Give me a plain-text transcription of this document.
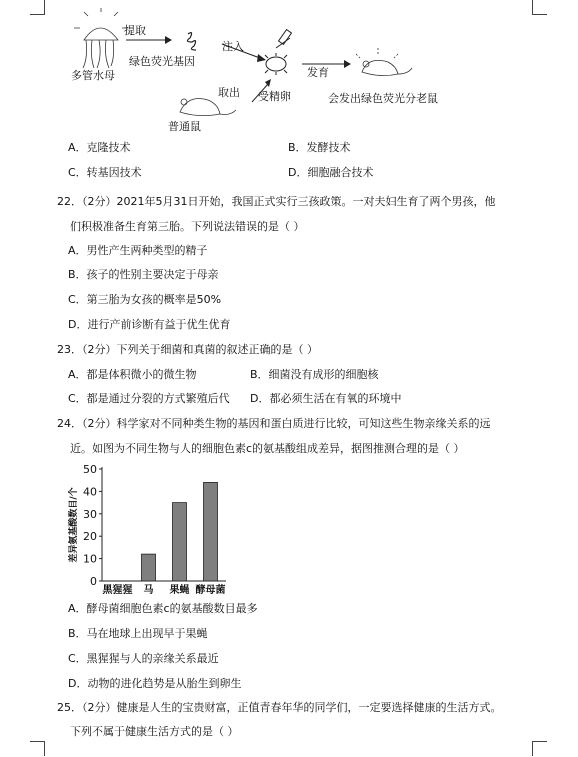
多管水母
提取
绿色荧光基因
注入
受精卵
发育
会发出绿色荧光分老鼠
取出
普通鼠
A．克隆技术	B．发酵技术
C．转基因技术	D．细胞融合技术
22．（2分）2021年5月31日开始，我国正式实行三孩政策。一对夫妇生育了两个男孩，他
们积极准备生育第三胎。下列说法错误的是（ ）
A．男性产生两种类型的精子
B．孩子的性别主要决定于母亲
C．第三胎为女孩的概率是50%
D．进行产前诊断有益于优生优育
23．（2分）下列关于细菌和真菌的叙述正确的是（ ）
A．都是体积微小的微生物	B．细菌没有成形的细胞核
C．都是通过分裂的方式繁殖后代 D．都必须生活在有氧的环境中
24．（2分）科学家对不同种类生物的基因和蛋白质进行比较，可知这些生物亲缘关系的远
近。如图为不同生物与人的细胞色素c的氨基酸组成差异，据图推测合理的是（ ）
0
10
20
30
40
50
差异氨基酸数目/个
黑猩猩 马 果蝇 酵母菌
A．酵母菌细胞色素c的氨基酸数目最多
B．马在地球上出现早于果蝇
C．黑猩猩与人的亲缘关系最近
D．动物的进化趋势是从胎生到卵生
25．（2分）健康是人生的宝贵财富，正值青春年华的同学们，一定要选择健康的生活方式。
下列不属于健康生活方式的是（ ）
